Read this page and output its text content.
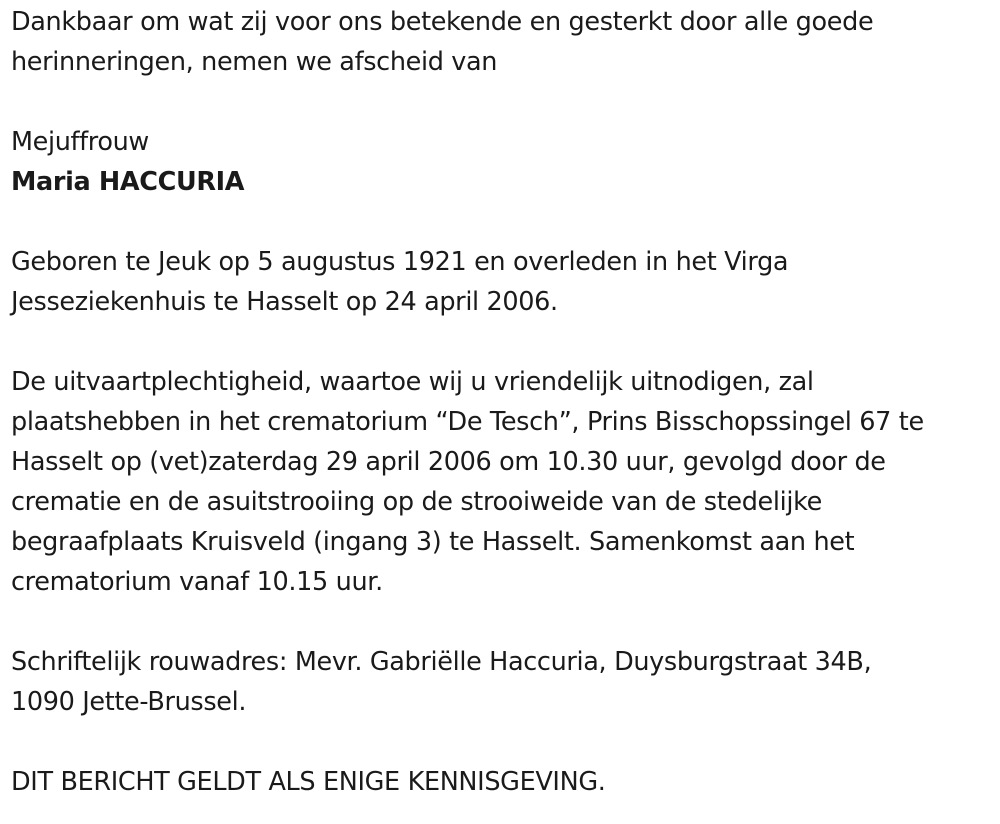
Dankbaar om wat zij voor ons betekende en gesterkt door alle goede
herinneringen, nemen we afscheid van

Mejuffrouw

Maria HACCURIA

Geboren te Jeuk op 5 augustus 1921 en overleden in het Virga
Jesseziekenhuis te Hasselt op 24 april 2006.

De uitvaartplechtigheid, waartoe wij u vriendelijk uitnodigen, zal
plaatshebben in het crematorium “De Tesch”, Prins Bisschopssingel 67 te
Hasselt op (vet)zaterdag 29 april 2006 om 10.30 uur, gevolgd door de
crematie en de asuitstrooiing op de strooiweide van de stedelijke
begraafplaats Kruisveld (ingang 3) te Hasselt. Samenkomst aan het
crematorium vanaf 10.15 uur.

Schriftelijk rouwadres: Mevr. Gabriëlle Haccuria, Duysburgstraat 34B,
1090 Jette-Brussel.

DIT BERICHT GELDT ALS ENIGE KENNISGEVING.
